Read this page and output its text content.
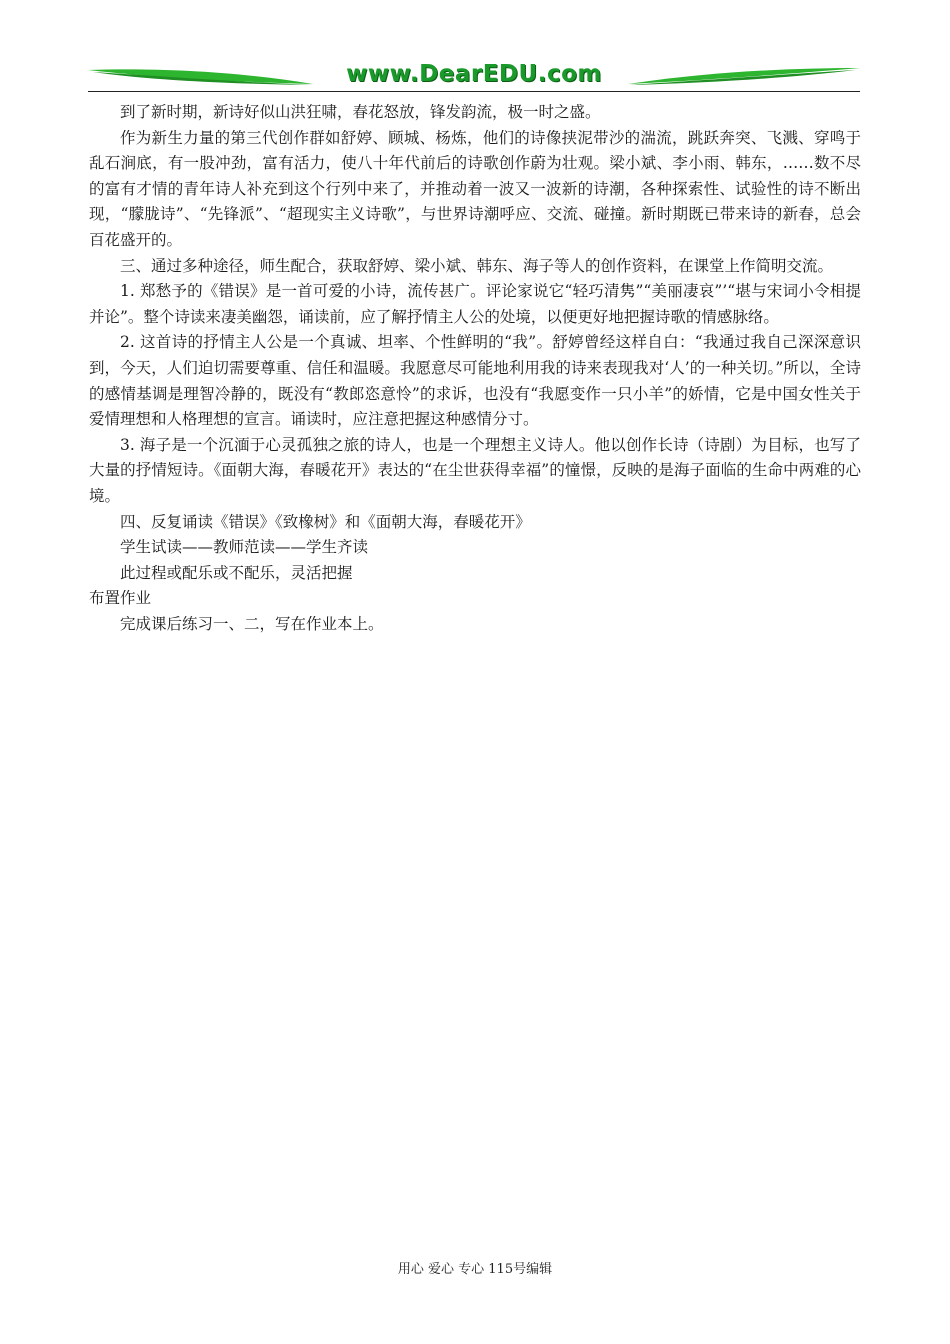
www.DearEDU.com

到了新时期，新诗好似山洪狂啸，春花怒放，锋发韵流，极一时之盛。

作为新生力量的第三代创作群如舒婷、顾城、杨炼，他们的诗像挟泥带沙的湍流，跳跃奔突、飞溅、穿鸣于乱石涧底，有一股冲劲，富有活力，使八十年代前后的诗歌创作蔚为壮观。梁小斌、李小雨、韩东，……数不尽的富有才情的青年诗人补充到这个行列中来了，并推动着一波又一波新的诗潮，各种探索性、试验性的诗不断出现，“朦胧诗”、“先锋派”、“超现实主义诗歌”，与世界诗潮呼应、交流、碰撞。新时期既已带来诗的新春，总会百花盛开的。

三、通过多种途径，师生配合，获取舒婷、梁小斌、韩东、海子等人的创作资料，在课堂上作简明交流。

1. 郑愁予的《错误》是一首可爱的小诗，流传甚广。评论家说它“轻巧清隽”“美丽凄哀”’“堪与宋词小令相提并论”。整个诗读来凄美幽怨，诵读前，应了解抒情主人公的处境，以便更好地把握诗歌的情感脉络。

2. 这首诗的抒情主人公是一个真诚、坦率、个性鲜明的“我”。舒婷曾经这样自白：“我通过我自己深深意识到，今天，人们迫切需要尊重、信任和温暖。我愿意尽可能地利用我的诗来表现我对‘人’的一种关切。”所以，全诗的感情基调是理智冷静的，既没有“教郎恣意怜”的求诉，也没有“我愿变作一只小羊”的娇情，它是中国女性关于爱情理想和人格理想的宣言。诵读时，应注意把握这种感情分寸。

3. 海子是一个沉湎于心灵孤独之旅的诗人，也是一个理想主义诗人。他以创作长诗（诗剧）为目标，也写了大量的抒情短诗。《面朝大海，春暖花开》表达的“在尘世获得幸福”的憧憬，反映的是海子面临的生命中两难的心境。

四、反复诵读《错误》《致橡树》和《面朝大海，春暖花开》

学生试读——教师范读——学生齐读

此过程或配乐或不配乐，灵活把握

布置作业

完成课后练习一、二，写在作业本上。

用心 爱心 专心 115号编辑
